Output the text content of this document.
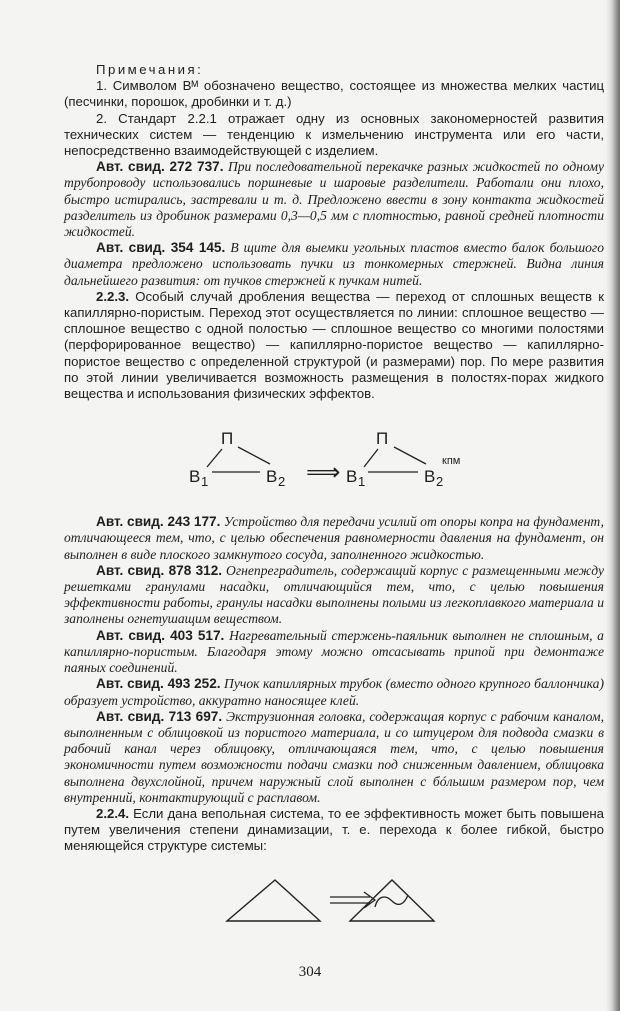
Примечания:

1. Символом Bᴹ обозначено вещество, состоящее из множества мелких частиц (песчинки, порошок, дробинки и т. д.)

2. Стандарт 2.2.1 отражает одну из основных закономерностей развития технических систем — тенденцию к измельчению инструмента или его части, непосредственно взаимодействующей с изделием.

Авт. свид. 272 737. При последовательной перекачке разных жидкостей по одному трубопроводу использовались поршневые и шаровые разделители. Работали они плохо, быстро истирались, застревали и т. д. Предложено ввести в зону контакта жидкостей разделитель из дробинок размерами 0,3—0,5 мм с плотностью, равной средней плотности жидкостей.

Авт. свид. 354 145. В щите для выемки угольных пластов вместо балок большого диаметра предложено использовать пучки из тонкомерных стержней. Видна линия дальнейшего развития: от пучков стержней к пучкам нитей.

2.2.3. Особый случай дробления вещества — переход от сплошных веществ к капиллярно-пористым. Переход этот осуществляется по линии: сплошное вещество — сплошное вещество с одной полостью — сплошное вещество со многими полостями (перфорированное вещество) — капиллярно-пористое вещество — капиллярно-пористое вещество с определенной структурой (и размерами) пор. По мере развития по этой линии увеличивается возможность размещения в полостях-порах жидкого вещества и использования физических эффектов.

П
B 1	B 2 ⟹
П
B 1	B 2
кпм

Авт. свид. 243 177. Устройство для передачи усилий от опоры копра на фундамент, отличающееся тем, что, с целью обеспечения равномерности давления на фундамент, он выполнен в виде плоского замкнутого сосуда, заполненного жидкостью.

Авт. свид. 878 312. Огнепреградитель, содержащий корпус с размещенными между решетками гранулами насадки, отличающийся тем, что, с целью повышения эффективности работы, гранулы насадки выполнены полыми из легкоплавкого материала и заполнены огнетушащим веществом.

Авт. свид. 403 517. Нагревательный стержень-паяльник выполнен не сплошным, а капиллярно-пористым. Благодаря этому можно отсасывать припой при демонтаже паяных соединений.

Авт. свид. 493 252. Пучок капиллярных трубок (вместо одного крупного баллончика) образует устройство, аккуратно наносящее клей.

Авт. свид. 713 697. Экструзионная головка, содержащая корпус с рабочим каналом, выполненным с облицовкой из пористого материала, и со штуцером для подвода смазки в рабочий канал через облицовку, отличающаяся тем, что, с целью повышения экономичности путем возможности подачи смазки под сниженным давлением, облицовка выполнена двухслойной, причем наружный слой выполнен с бóльшим размером пор, чем внутренний, контактирующий с расплавом.

2.2.4. Если дана вепольная система, то ее эффективность может быть повышена путем увеличения степени динамизации, т. е. перехода к более гибкой, быстро меняющейся структуре системы:

304
